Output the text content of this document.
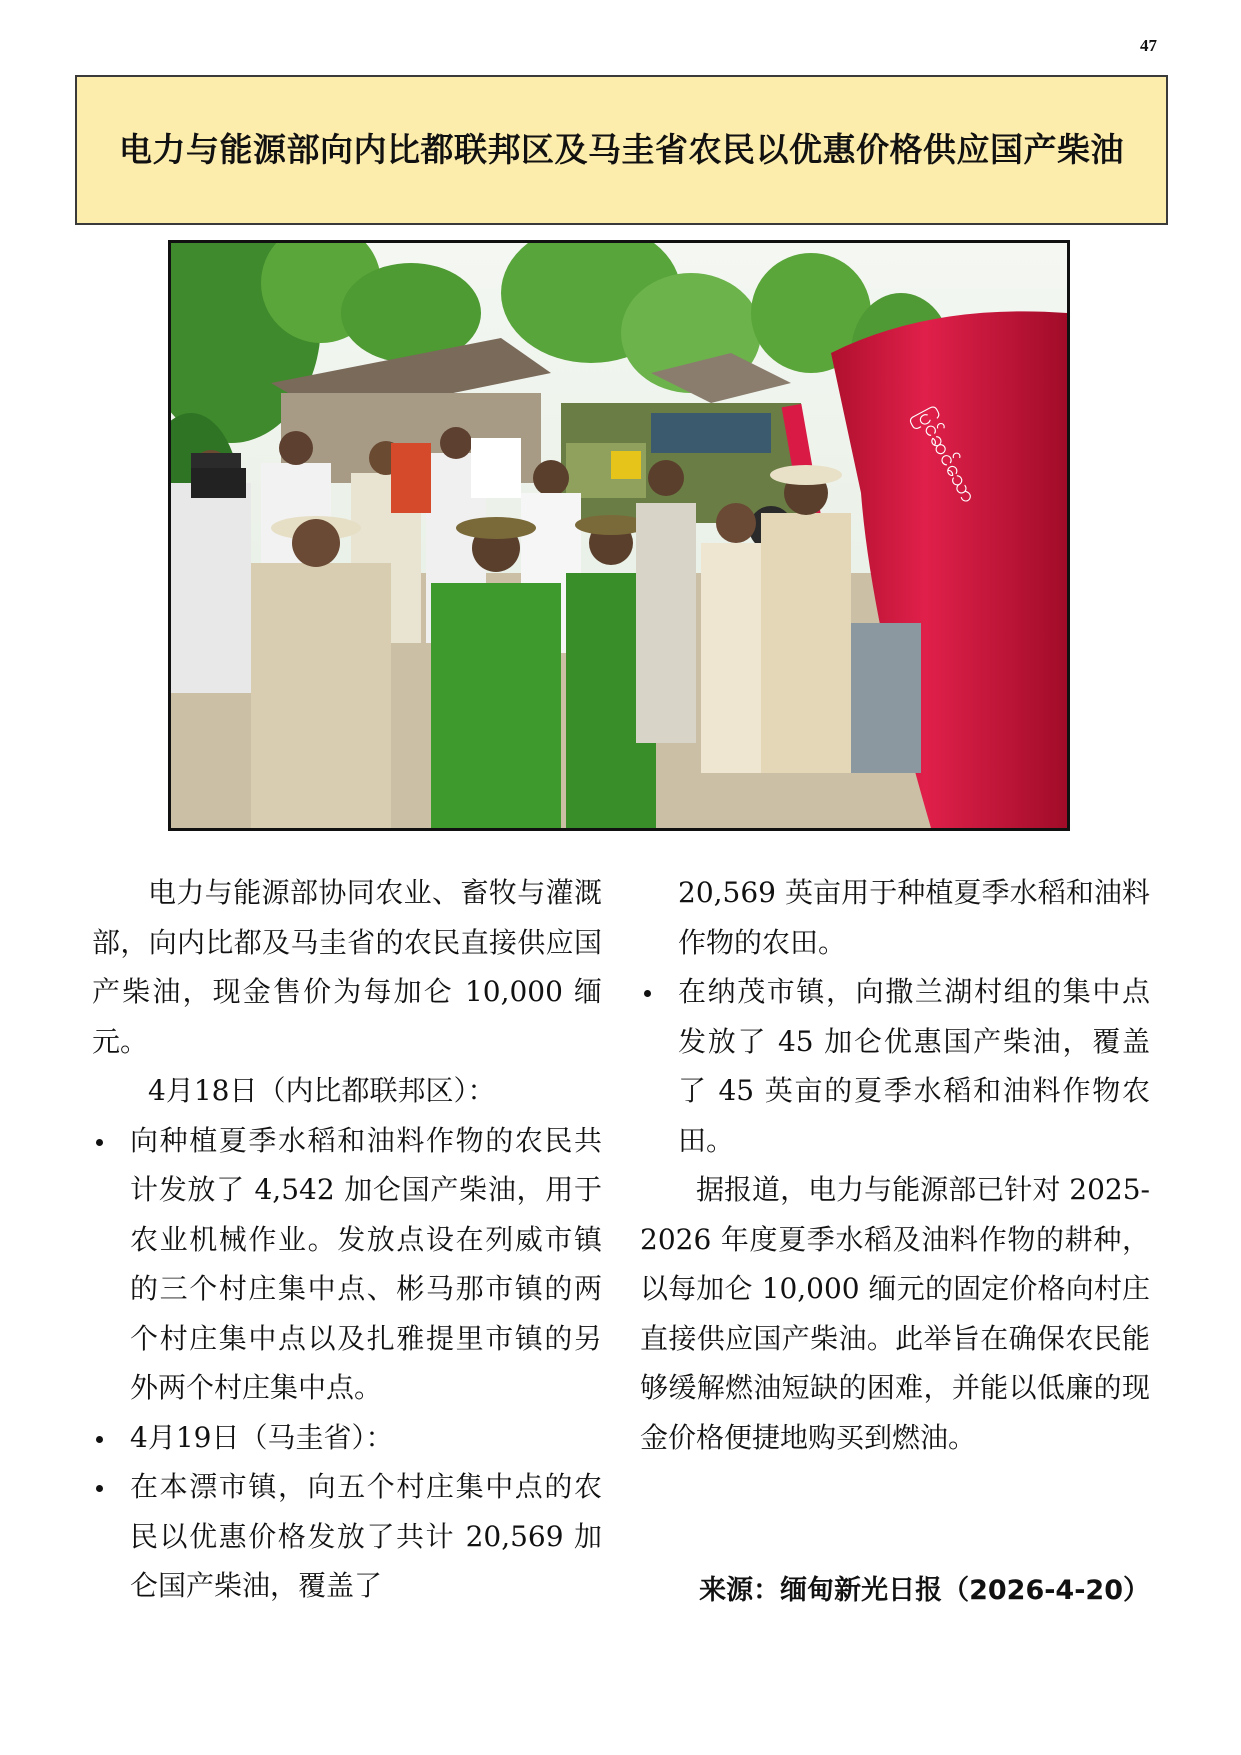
47
电力与能源部向内比都联邦区及马圭省农民以优惠价格供应国产柴油
ပြင်ဆင်သော

电力与能源部协同农业、畜牧与灌溉部，向内比都及马圭省的农民直接供应国产柴油，现金售价为每加仑 10,000 缅元。

4月18日（内比都联邦区）：

向种植夏季水稻和油料作物的农民共计发放了 4,542 加仑国产柴油，用于农业机械作业。发放点设在列威市镇的三个村庄集中点、彬马那市镇的两个村庄集中点以及扎雅提里市镇的另外两个村庄集中点。

4月19日（马圭省）：

在本漂市镇，向五个村庄集中点的农民以优惠价格发放了共计 20,569 加仑国产柴油，覆盖了

20,569 英亩用于种植夏季水稻和油料作物的农田。

在纳茂市镇，向撒兰湖村组的集中点发放了 45 加仑优惠国产柴油，覆盖了 45 英亩的夏季水稻和油料作物农田。

据报道，电力与能源部已针对 2025-2026 年度夏季水稻及油料作物的耕种，以每加仑 10,000 缅元的固定价格向村庄直接供应国产柴油。此举旨在确保农民能够缓解燃油短缺的困难，并能以低廉的现金价格便捷地购买到燃油。

来源：缅甸新光日报（2026-4-20）
